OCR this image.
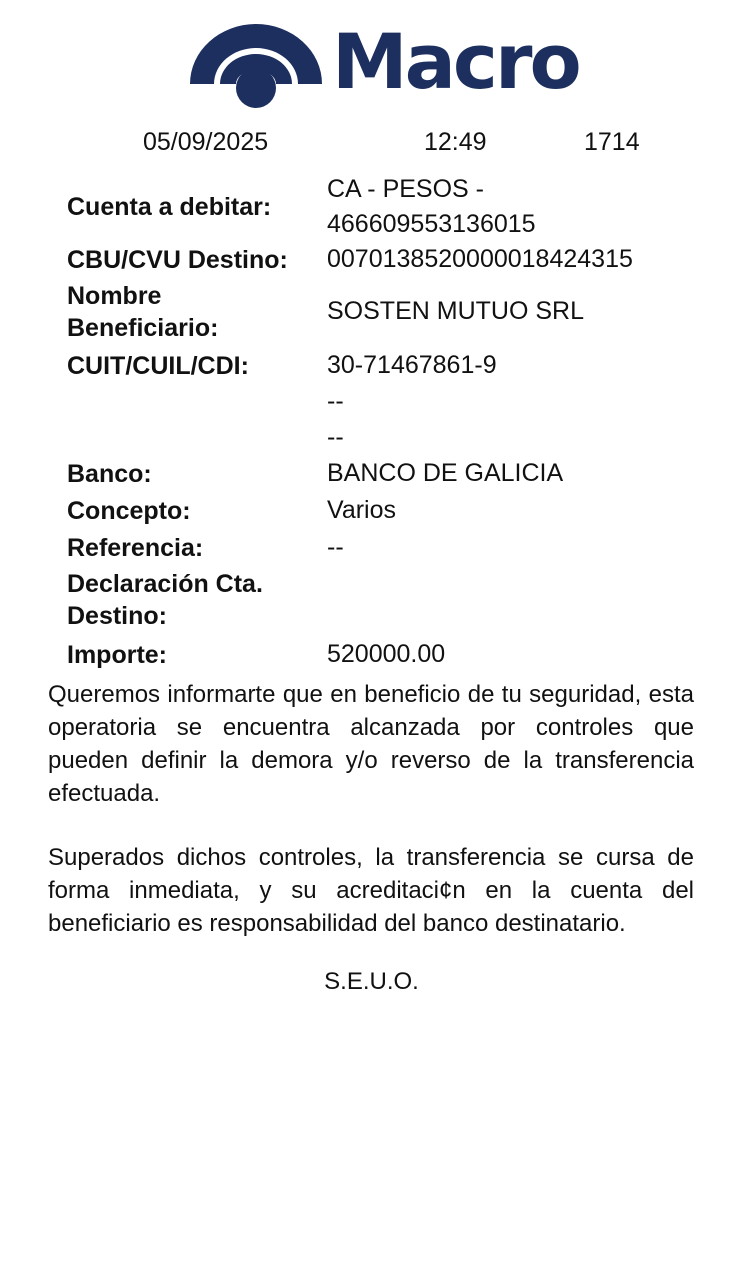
Macro
05/09/2025	12:49	1714
Cuenta a debitar:
CA - PESOS -
466609553136015
CBU/CVU Destino:	0070138520000018424315
Nombre
Beneficiario:
SOSTEN MUTUO SRL
CUIT/CUIL/CDI:	30-71467861-9
--
--
Banco:	BANCO DE GALICIA
Concepto:	Varios
Referencia:	--
Declaración Cta.
Destino:
Importe:	520000.00
Queremos informarte que en beneficio de tu seguridad, esta operatoria se encuentra alcanzada por controles que pueden definir la demora y/o reverso de la transferencia efectuada.
Superados dichos controles, la transferencia se cursa de forma inmediata, y su acreditaci¢n en la cuenta del beneficiario es responsabilidad del banco destinatario.
S.E.U.O.
